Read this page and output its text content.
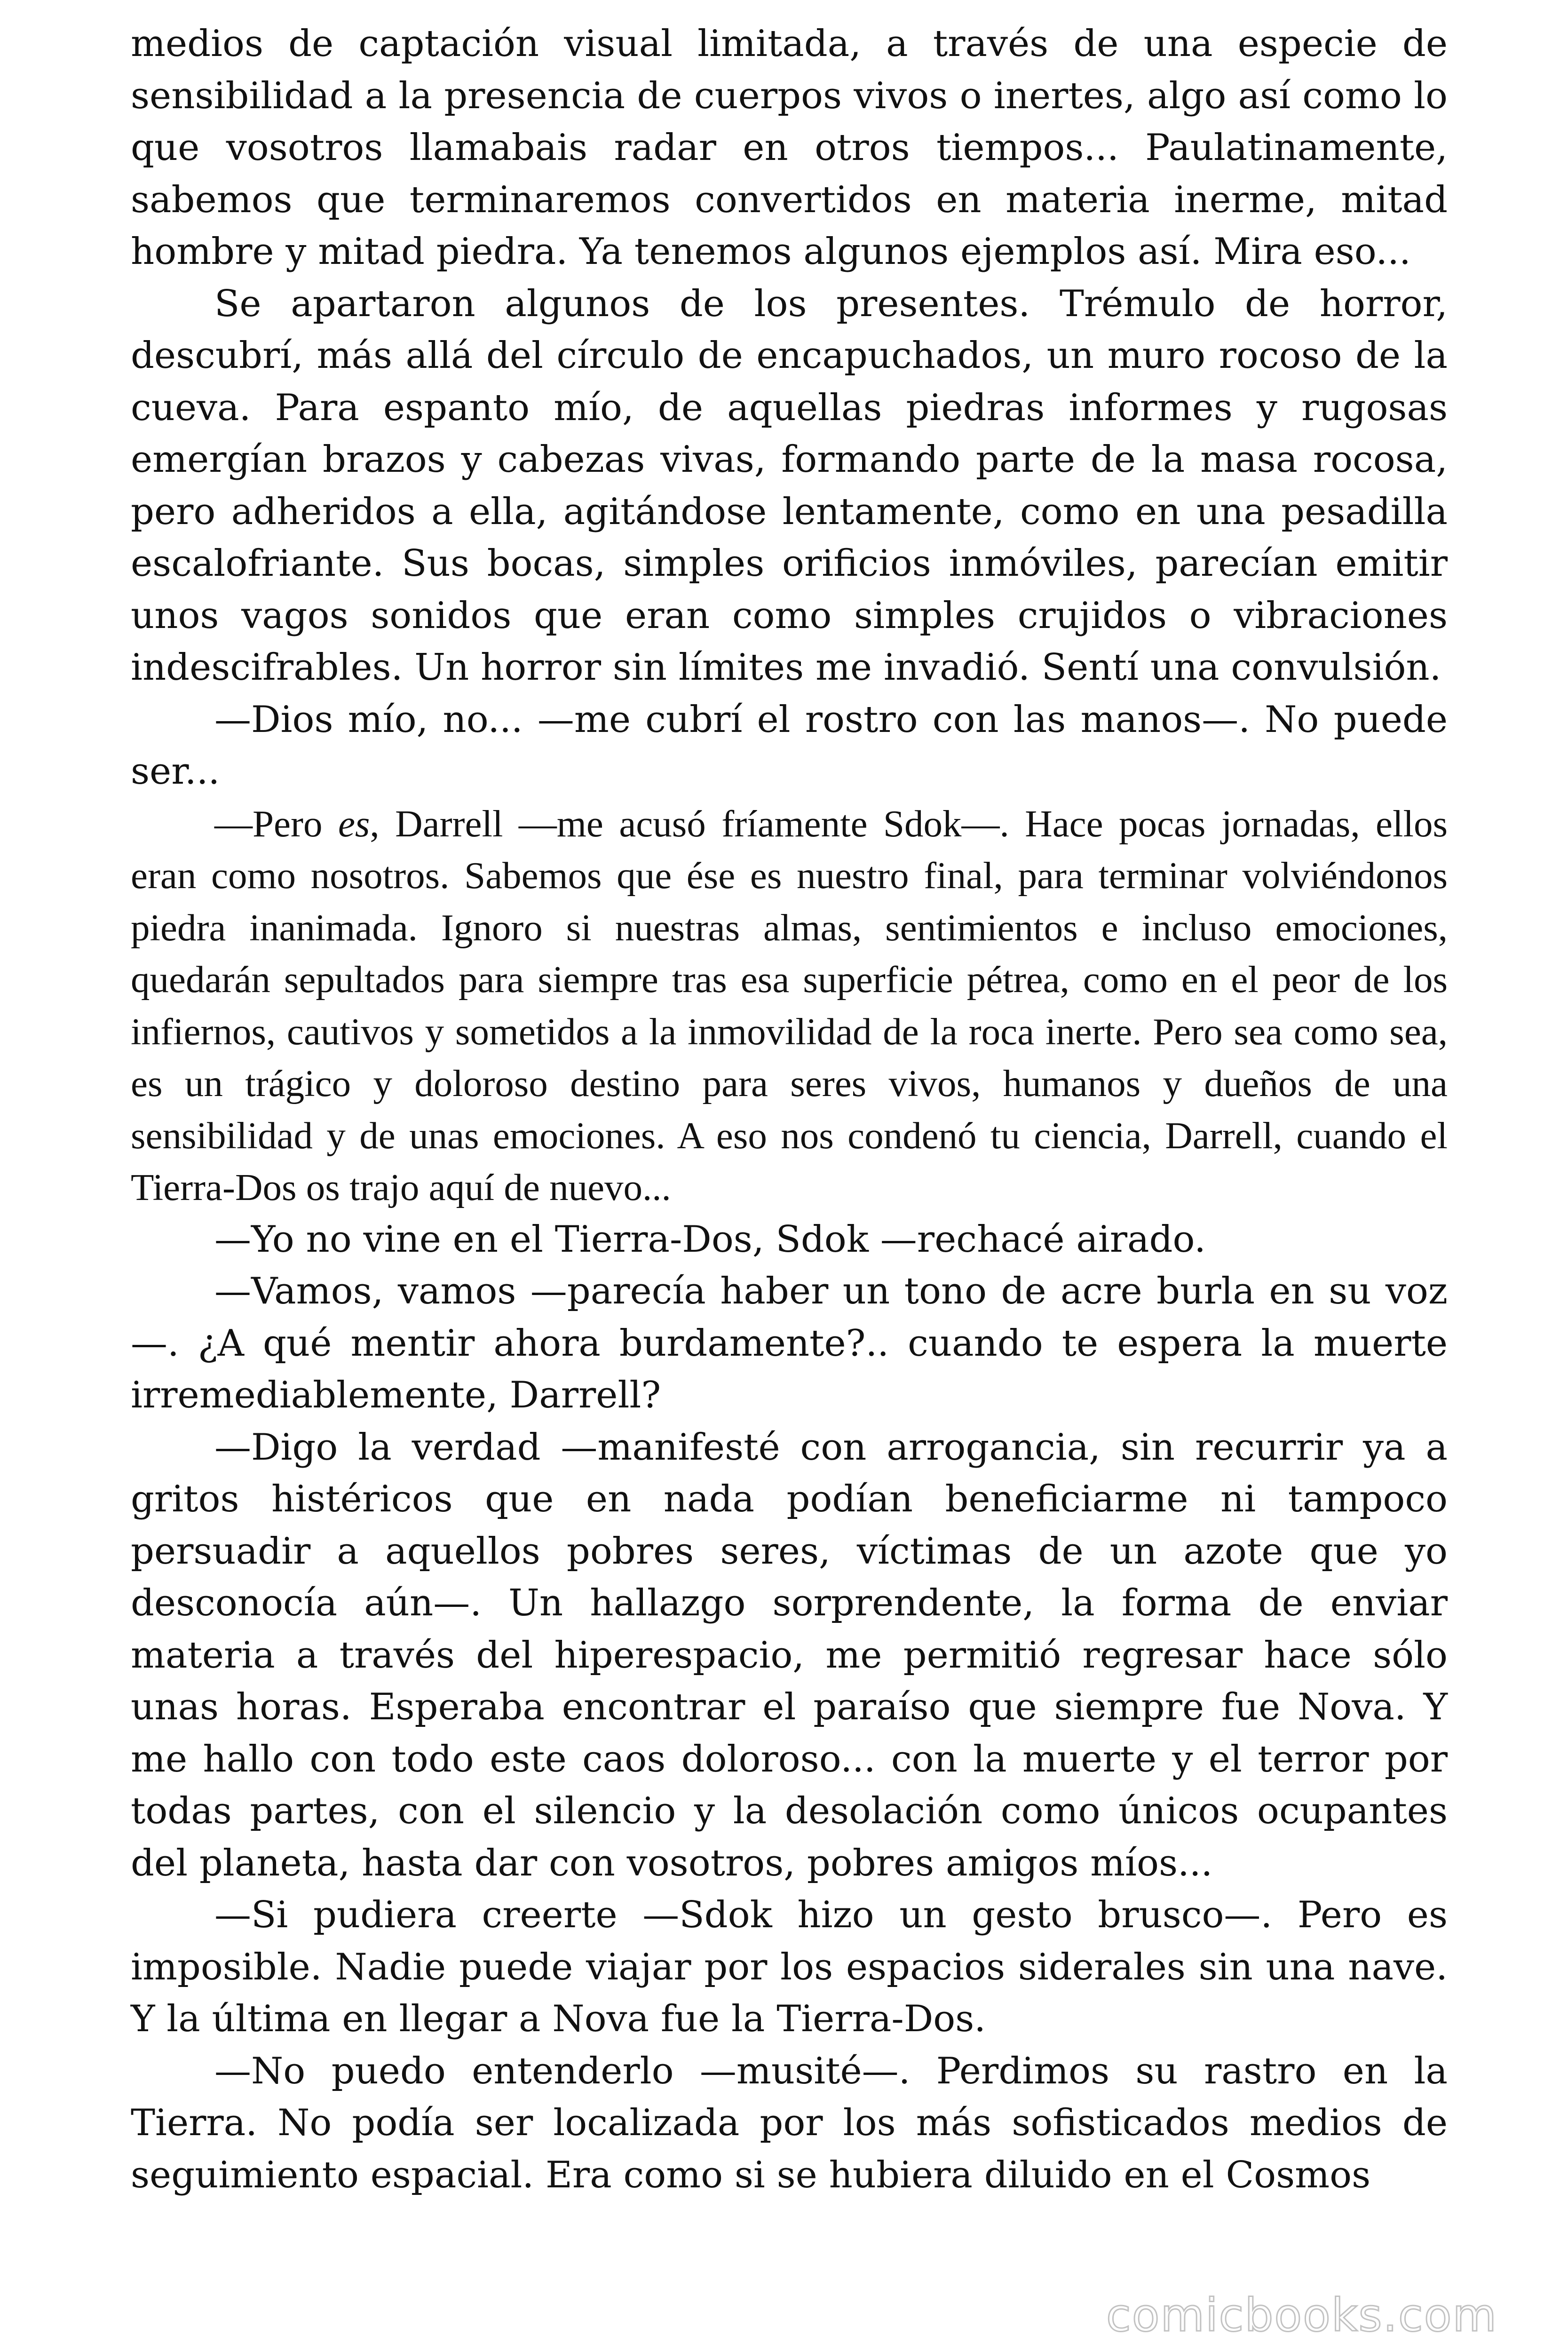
medios de captación visual limitada, a través de una especie de sensibilidad a la presencia de cuerpos vivos o inertes, algo así como lo que vosotros llamabais radar en otros tiempos... Paulatinamente, sabemos que terminaremos convertidos en materia inerme, mitad hombre y mitad piedra. Ya tenemos algunos ejemplos así. Mira eso...

Se apartaron algunos de los presentes. Trémulo de horror, descubrí, más allá del círculo de encapuchados, un muro rocoso de la cueva. Para espanto mío, de aquellas piedras informes y rugosas emergían brazos y cabezas vivas, formando parte de la masa rocosa, pero adheridos a ella, agitándose lentamente, como en una pesadilla escalofriante. Sus bocas, simples orificios inmóviles, parecían emitir unos vagos sonidos que eran como simples crujidos o vibraciones indescifrables. Un horror sin límites me invadió. Sentí una convulsión.

—Dios mío, no... —me cubrí el rostro con las manos—. No puede ser...

—Pero es, Darrell —me acusó fríamente Sdok—. Hace pocas jornadas, ellos eran como nosotros. Sabemos que ése es nuestro final, para terminar volviéndonos piedra inanimada. Ignoro si nuestras almas, sentimientos e incluso emociones, quedarán sepultados para siempre tras esa superficie pétrea, como en el peor de los infiernos, cautivos y sometidos a la inmovilidad de la roca inerte. Pero sea como sea, es un trágico y doloroso destino para seres vivos, humanos y dueños de una sensibilidad y de unas emociones. A eso nos condenó tu ciencia, Darrell, cuando el Tierra-Dos os trajo aquí de nuevo...

—Yo no vine en el Tierra-Dos, Sdok —rechacé airado.

—Vamos, vamos —parecía haber un tono de acre burla en su voz—. ¿A qué mentir ahora burdamente?.. cuando te espera la muerte irremediablemente, Darrell?

—Digo la verdad —manifesté con arrogancia, sin recurrir ya a gritos histéricos que en nada podían beneficiarme ni tampoco persuadir a aquellos pobres seres, víctimas de un azote que yo desconocía aún—. Un hallazgo sorprendente, la forma de enviar materia a través del hiperespacio, me permitió regresar hace sólo unas horas. Esperaba encontrar el paraíso que siempre fue Nova. Y me hallo con todo este caos doloroso... con la muerte y el terror por todas partes, con el silencio y la desolación como únicos ocupantes del planeta, hasta dar con vosotros, pobres amigos míos...

—Si pudiera creerte —Sdok hizo un gesto brusco—. Pero es imposible. Nadie puede viajar por los espacios siderales sin una nave. Y la última en llegar a Nova fue la Tierra-Dos.

—No puedo entenderlo —musité—. Perdimos su rastro en la Tierra. No podía ser localizada por los más sofisticados medios de seguimiento espacial. Era como si se hubiera diluido en el Cosmos

comicbooks.com
